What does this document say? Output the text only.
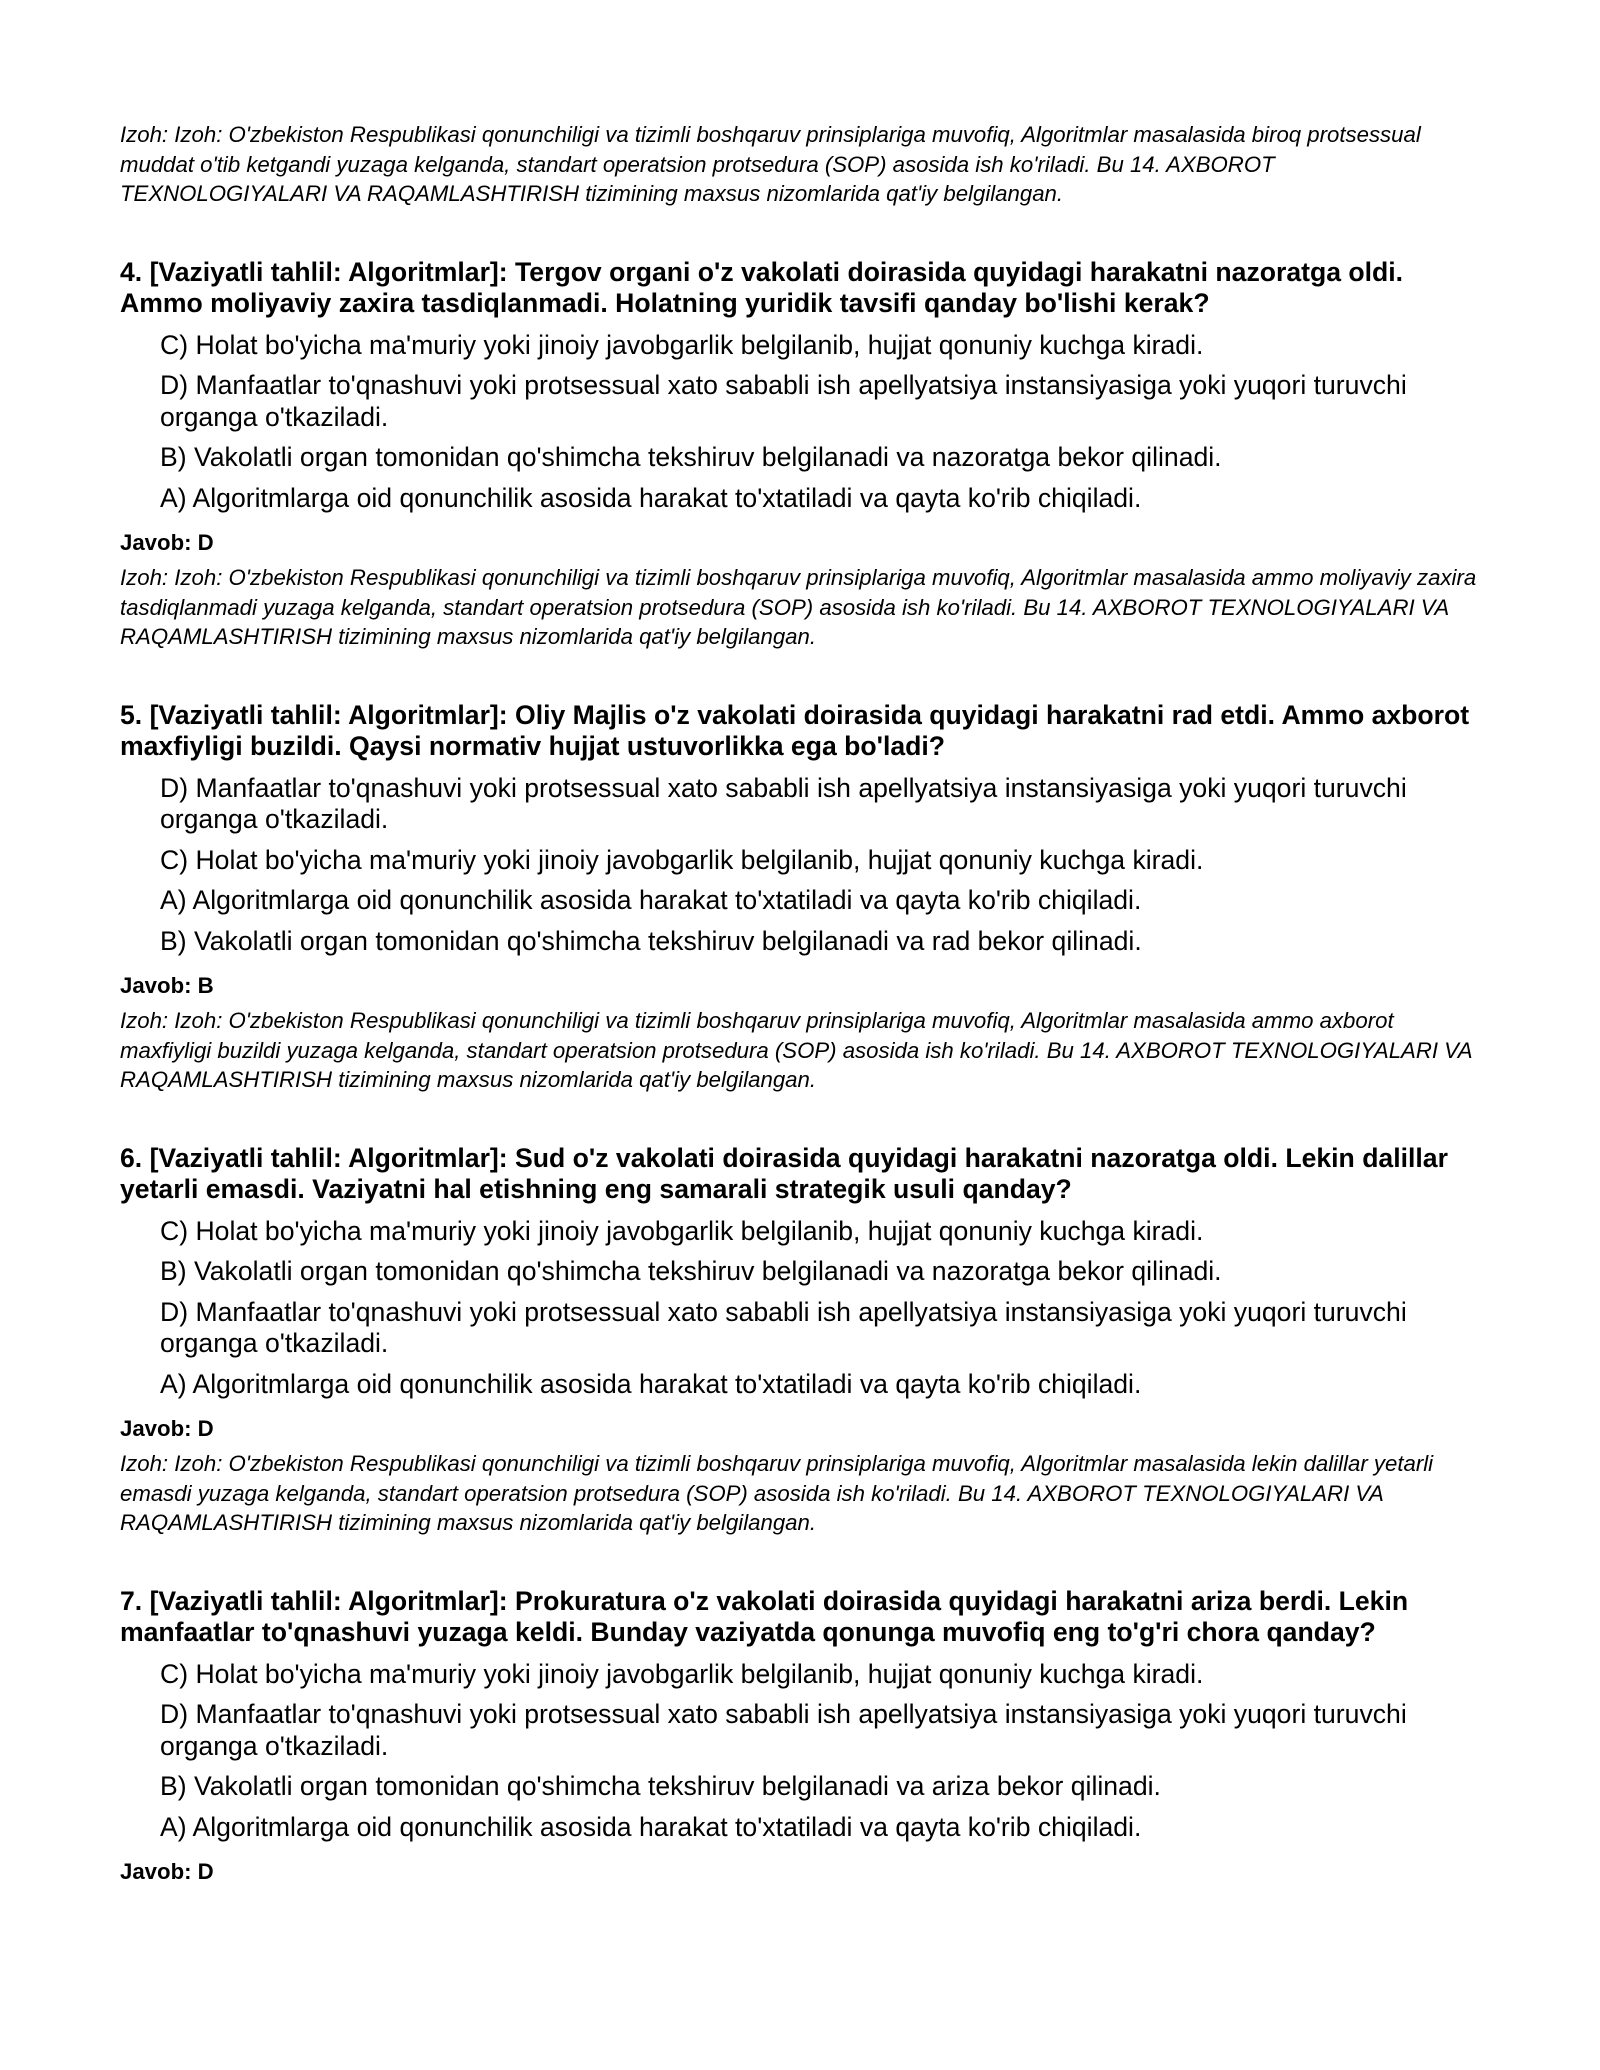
Izoh: Izoh: O'zbekiston Respublikasi qonunchiligi va tizimli boshqaruv prinsiplariga muvofiq, Algoritmlar masalasida biroq protsessual muddat o'tib ketgandi yuzaga kelganda, standart operatsion protsedura (SOP) asosida ish ko'riladi. Bu 14. AXBOROT TEXNOLOGIYALARI VA RAQAMLASHTIRISH tizimining maxsus nizomlarida qat'iy belgilangan.

4. [Vaziyatli tahlil: Algoritmlar]: Tergov organi o'z vakolati doirasida quyidagi harakatni nazoratga oldi. Ammo moliyaviy zaxira tasdiqlanmadi. Holatning yuridik tavsifi qanday bo'lishi kerak?

C) Holat bo'yicha ma'muriy yoki jinoiy javobgarlik belgilanib, hujjat qonuniy kuchga kiradi.
D) Manfaatlar to'qnashuvi yoki protsessual xato sababli ish apellyatsiya instansiyasiga yoki yuqori turuvchi organga o'tkaziladi.
B) Vakolatli organ tomonidan qo'shimcha tekshiruv belgilanadi va nazoratga bekor qilinadi.
A) Algoritmlarga oid qonunchilik asosida harakat to'xtatiladi va qayta ko'rib chiqiladi.

Javob: D

Izoh: Izoh: O'zbekiston Respublikasi qonunchiligi va tizimli boshqaruv prinsiplariga muvofiq, Algoritmlar masalasida ammo moliyaviy zaxira tasdiqlanmadi yuzaga kelganda, standart operatsion protsedura (SOP) asosida ish ko'riladi. Bu 14. AXBOROT TEXNOLOGIYALARI VA RAQAMLASHTIRISH tizimining maxsus nizomlarida qat'iy belgilangan.

5. [Vaziyatli tahlil: Algoritmlar]: Oliy Majlis o'z vakolati doirasida quyidagi harakatni rad etdi. Ammo axborot maxfiyligi buzildi. Qaysi normativ hujjat ustuvorlikka ega bo'ladi?

D) Manfaatlar to'qnashuvi yoki protsessual xato sababli ish apellyatsiya instansiyasiga yoki yuqori turuvchi organga o'tkaziladi.
C) Holat bo'yicha ma'muriy yoki jinoiy javobgarlik belgilanib, hujjat qonuniy kuchga kiradi.
A) Algoritmlarga oid qonunchilik asosida harakat to'xtatiladi va qayta ko'rib chiqiladi.
B) Vakolatli organ tomonidan qo'shimcha tekshiruv belgilanadi va rad bekor qilinadi.

Javob: B

Izoh: Izoh: O'zbekiston Respublikasi qonunchiligi va tizimli boshqaruv prinsiplariga muvofiq, Algoritmlar masalasida ammo axborot maxfiyligi buzildi yuzaga kelganda, standart operatsion protsedura (SOP) asosida ish ko'riladi. Bu 14. AXBOROT TEXNOLOGIYALARI VA RAQAMLASHTIRISH tizimining maxsus nizomlarida qat'iy belgilangan.

6. [Vaziyatli tahlil: Algoritmlar]: Sud o'z vakolati doirasida quyidagi harakatni nazoratga oldi. Lekin dalillar yetarli emasdi. Vaziyatni hal etishning eng samarali strategik usuli qanday?

C) Holat bo'yicha ma'muriy yoki jinoiy javobgarlik belgilanib, hujjat qonuniy kuchga kiradi.
B) Vakolatli organ tomonidan qo'shimcha tekshiruv belgilanadi va nazoratga bekor qilinadi.
D) Manfaatlar to'qnashuvi yoki protsessual xato sababli ish apellyatsiya instansiyasiga yoki yuqori turuvchi organga o'tkaziladi.
A) Algoritmlarga oid qonunchilik asosida harakat to'xtatiladi va qayta ko'rib chiqiladi.

Javob: D

Izoh: Izoh: O'zbekiston Respublikasi qonunchiligi va tizimli boshqaruv prinsiplariga muvofiq, Algoritmlar masalasida lekin dalillar yetarli emasdi yuzaga kelganda, standart operatsion protsedura (SOP) asosida ish ko'riladi. Bu 14. AXBOROT TEXNOLOGIYALARI VA RAQAMLASHTIRISH tizimining maxsus nizomlarida qat'iy belgilangan.

7. [Vaziyatli tahlil: Algoritmlar]: Prokuratura o'z vakolati doirasida quyidagi harakatni ariza berdi. Lekin manfaatlar to'qnashuvi yuzaga keldi. Bunday vaziyatda qonunga muvofiq eng to'g'ri chora qanday?

C) Holat bo'yicha ma'muriy yoki jinoiy javobgarlik belgilanib, hujjat qonuniy kuchga kiradi.
D) Manfaatlar to'qnashuvi yoki protsessual xato sababli ish apellyatsiya instansiyasiga yoki yuqori turuvchi organga o'tkaziladi.
B) Vakolatli organ tomonidan qo'shimcha tekshiruv belgilanadi va ariza bekor qilinadi.
A) Algoritmlarga oid qonunchilik asosida harakat to'xtatiladi va qayta ko'rib chiqiladi.

Javob: D
